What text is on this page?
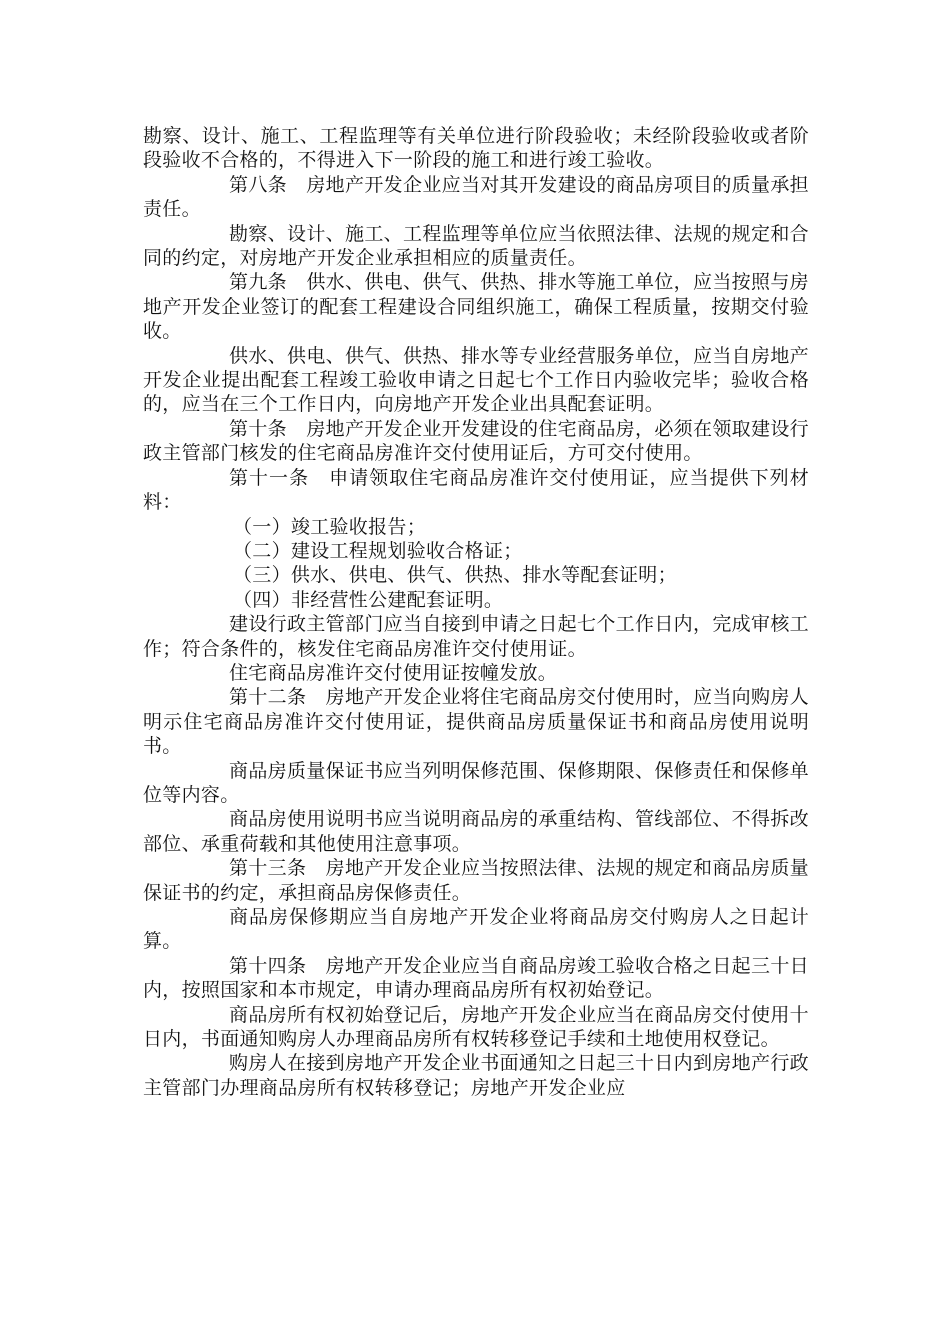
勘察、设计、施工、工程监理等有关单位进行阶段验收；未经阶段验收或者阶段验收不合格的，不得进入下一阶段的施工和进行竣工验收。

第八条　房地产开发企业应当对其开发建设的商品房项目的质量承担责任。

勘察、设计、施工、工程监理等单位应当依照法律、法规的规定和合同的约定，对房地产开发企业承担相应的质量责任。

第九条　供水、供电、供气、供热、排水等施工单位，应当按照与房地产开发企业签订的配套工程建设合同组织施工，确保工程质量，按期交付验收。

供水、供电、供气、供热、排水等专业经营服务单位，应当自房地产开发企业提出配套工程竣工验收申请之日起七个工作日内验收完毕；验收合格的，应当在三个工作日内，向房地产开发企业出具配套证明。

第十条　房地产开发企业开发建设的住宅商品房，必须在领取建设行政主管部门核发的住宅商品房准许交付使用证后，方可交付使用。

第十一条　申请领取住宅商品房准许交付使用证，应当提供下列材料：

（一）竣工验收报告；

（二）建设工程规划验收合格证；

（三）供水、供电、供气、供热、排水等配套证明；

（四）非经营性公建配套证明。

建设行政主管部门应当自接到申请之日起七个工作日内，完成审核工作；符合条件的，核发住宅商品房准许交付使用证。

住宅商品房准许交付使用证按幢发放。

第十二条　房地产开发企业将住宅商品房交付使用时，应当向购房人明示住宅商品房准许交付使用证，提供商品房质量保证书和商品房使用说明书。

商品房质量保证书应当列明保修范围、保修期限、保修责任和保修单位等内容。

商品房使用说明书应当说明商品房的承重结构、管线部位、不得拆改部位、承重荷载和其他使用注意事项。

第十三条　房地产开发企业应当按照法律、法规的规定和商品房质量保证书的约定，承担商品房保修责任。

商品房保修期应当自房地产开发企业将商品房交付购房人之日起计算。

第十四条　房地产开发企业应当自商品房竣工验收合格之日起三十日内，按照国家和本市规定，申请办理商品房所有权初始登记。

商品房所有权初始登记后，房地产开发企业应当在商品房交付使用十日内，书面通知购房人办理商品房所有权转移登记手续和土地使用权登记。

购房人在接到房地产开发企业书面通知之日起三十日内到房地产行政主管部门办理商品房所有权转移登记；房地产开发企业应
